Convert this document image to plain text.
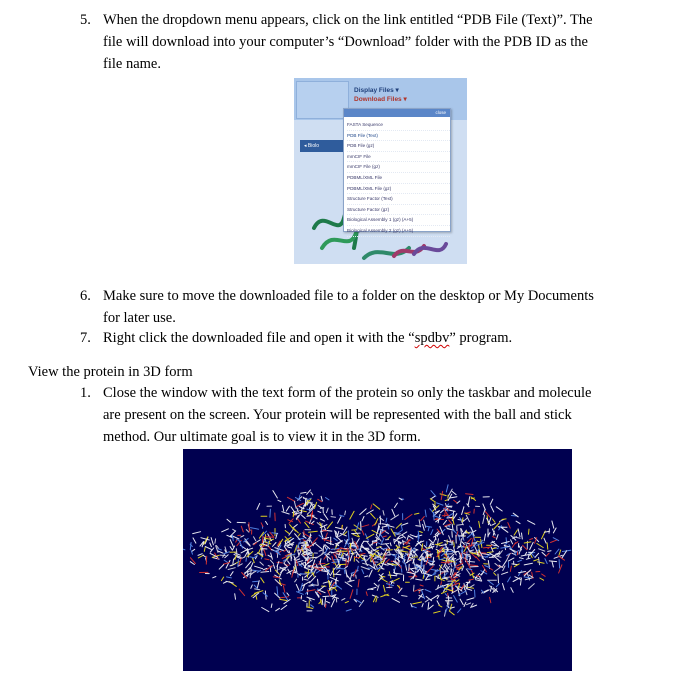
5. When the dropdown menu appears, click on the link entitled “PDB File (Text)”. The
file will download into your computer’s “Download” folder with the PDB ID as the
file name.
◂ Biolo
Display Files ▾
Download Files ▾
close
FASTA Sequence
PDB File (Text)
PDB File (gz)
mmCIF File
mmCIF File (gz)
PDBML/XML File
PDBML/XML File (gz)
Structure Factor (Text)
Structure Factor (gz)
Biological Assembly 1 (gz) (A+5)
Biological Assembly 2 (gz) (A+5)
6. Make sure to move the downloaded file to a folder on the desktop or My Documents
for later use.
7. Right click the downloaded file and open it with the “spdbv” program.
View the protein in 3D form
1. Close the window with the text form of the protein so only the taskbar and molecule
are present on the screen. Your protein will be represented with the ball and stick
method. Our ultimate goal is to view it in the 3D form.
